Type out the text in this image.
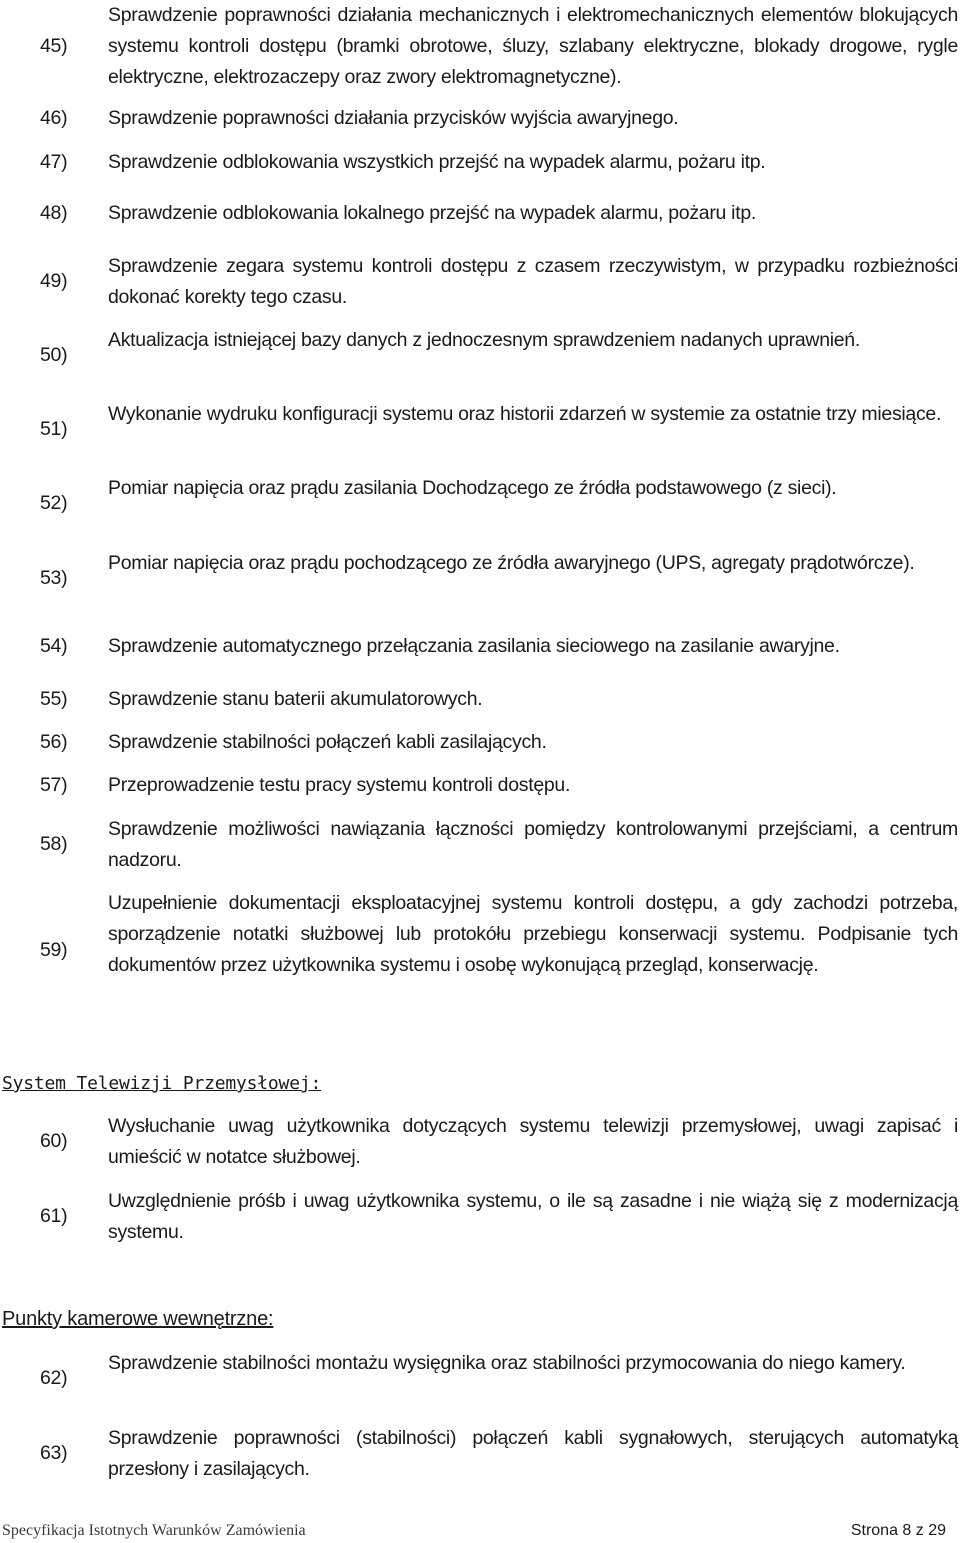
45)
Sprawdzenie poprawności działania mechanicznych i elektromechanicznych elementów blokujących systemu kontroli dostępu (bramki obrotowe, śluzy, szlabany elektryczne, blokady drogowe, rygle elektryczne, elektrozaczepy oraz zwory elektromagnetyczne).
46) Sprawdzenie poprawności działania przycisków wyjścia awaryjnego.
47) Sprawdzenie odblokowania wszystkich przejść na wypadek alarmu, pożaru itp.
48) Sprawdzenie odblokowania lokalnego przejść na wypadek alarmu, pożaru itp.
49)
Sprawdzenie zegara systemu kontroli dostępu z czasem rzeczywistym, w przypadku rozbieżności dokonać korekty tego czasu.
50)
Aktualizacja istniejącej bazy danych z jednoczesnym sprawdzeniem nadanych uprawnień.
51)
Wykonanie wydruku konfiguracji systemu oraz historii zdarzeń w systemie za ostatnie trzy miesiące.
52)
Pomiar napięcia oraz prądu zasilania Dochodzącego ze źródła podstawowego (z sieci).
53)
Pomiar napięcia oraz prądu pochodzącego ze źródła awaryjnego (UPS, agregaty prądotwórcze).
54) Sprawdzenie automatycznego przełączania zasilania sieciowego na zasilanie awaryjne.
55) Sprawdzenie stanu baterii akumulatorowych.
56) Sprawdzenie stabilności połączeń kabli zasilających.
57) Przeprowadzenie testu pracy systemu kontroli dostępu.
58)
Sprawdzenie możliwości nawiązania łączności pomiędzy kontrolowanymi przejściami, a centrum nadzoru.
59)
Uzupełnienie dokumentacji eksploatacyjnej systemu kontroli dostępu, a gdy zachodzi potrzeba, sporządzenie notatki służbowej lub protokółu przebiegu konserwacji systemu. Podpisanie tych dokumentów przez użytkownika systemu i osobę wykonującą przegląd, konserwację.
System Telewizji Przemysłowej:
60)
Wysłuchanie uwag użytkownika dotyczących systemu telewizji przemysłowej, uwagi zapisać i umieścić w notatce służbowej.
61)
Uwzględnienie próśb i uwag użytkownika systemu, o ile są zasadne i nie wiążą się z modernizacją systemu.
Punkty kamerowe wewnętrzne:
62)
Sprawdzenie stabilności montażu wysięgnika oraz stabilności przymocowania do niego kamery.
63)
Sprawdzenie poprawności (stabilności) połączeń kabli sygnałowych, sterujących automatyką przesłony i zasilających.
Specyfikacja Istotnych Warunków Zamówienia	Strona 8 z 29
